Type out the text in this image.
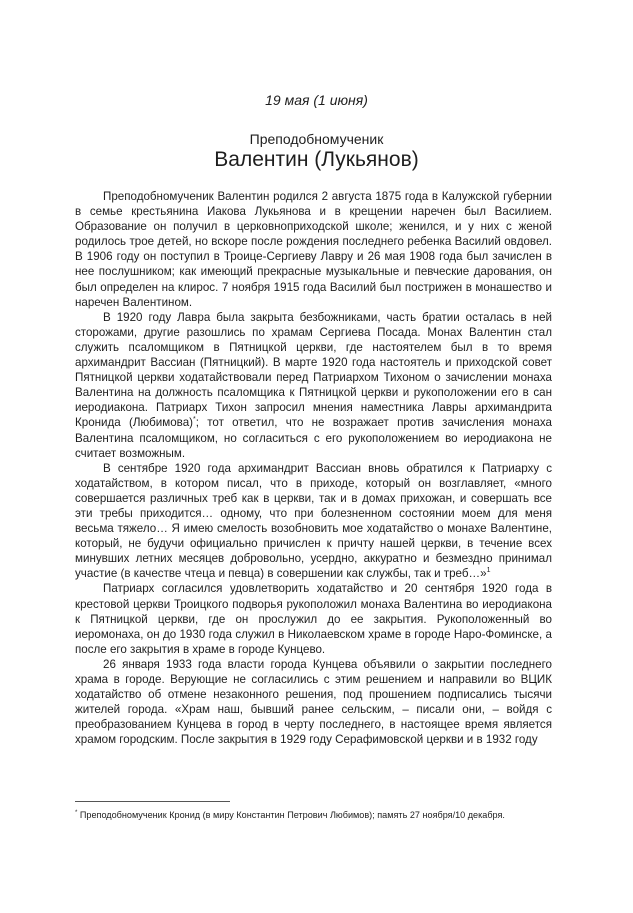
19 мая (1 июня)
Преподобномученик
Валентин (Лукьянов)

Преподобномученик Валентин родился 2 августа 1875 года в Калужской губернии в семье крестьянина Иакова Лукьянова и в крещении наречен был Василием. Образование он получил в церковноприходской школе; женился, и у них с женой родилось трое детей, но вскоре после рождения последнего ребенка Василий овдовел. В 1906 году он поступил в Троице-Сергиеву Лавру и 26 мая 1908 года был зачислен в нее послушником; как имеющий прекрасные музыкальные и певческие дарования, он был определен на клирос. 7 ноября 1915 года Василий был пострижен в монашество и наречен Валентином.

В 1920 году Лавра была закрыта безбожниками, часть братии осталась в ней сторожами, другие разошлись по храмам Сергиева Посада. Монах Валентин стал служить псаломщиком в Пятницкой церкви, где настоятелем был в то время архимандрит Вассиан (Пятницкий). В марте 1920 года настоятель и приходской совет Пятницкой церкви ходатайствовали перед Патриархом Тихоном о зачислении монаха Валентина на должность псаломщика к Пятницкой церкви и рукоположении его в сан иеродиакона. Патриарх Тихон запросил мнения наместника Лавры архимандрита Кронида (Любимова)*; тот ответил, что не возражает против зачисления монаха Валентина псаломщиком, но согласиться с его рукоположением во иеродиакона не считает возможным.

В сентябре 1920 года архимандрит Вассиан вновь обратился к Патриарху с ходатайством, в котором писал, что в приходе, который он возглавляет, «много совершается различных треб как в церкви, так и в домах прихожан, и совершать все эти требы приходится… одному, что при болезненном состоянии моем для меня весьма тяжело… Я имею смелость возобновить мое ходатайство о монахе Валентине, который, не будучи официально причислен к причту нашей церкви, в течение всех минувших летних месяцев добровольно, усердно, аккуратно и безмездно принимал участие (в качестве чтеца и певца) в совершении как службы, так и треб…»$^1$

Патриарх согласился удовлетворить ходатайство и 20 сентября 1920 года в крестовой церкви Троицкого подворья рукоположил монаха Валентина во иеродиакона к Пятницкой церкви, где он прослужил до ее закрытия. Рукоположенный во иеромонаха, он до 1930 года служил в Николаевском храме в городе Наро-Фоминске, а после его закрытия в храме в городе Кунцево.

26 января 1933 года власти города Кунцева объявили о закрытии последнего храма в городе. Верующие не согласились с этим решением и направили во ВЦИК ходатайство об отмене незаконного решения, под прошением подписались тысячи жителей города. «Храм наш, бывший ранее сельским, – писали они, – войдя с преобразованием Кунцева в город в черту последнего, в настоящее время является храмом городским. После закрытия в 1929 году Серафимовской церкви и в 1932 году

* Преподобномученик Кронид (в миру Константин Петрович Любимов); память 27 ноября/10 декабря.
